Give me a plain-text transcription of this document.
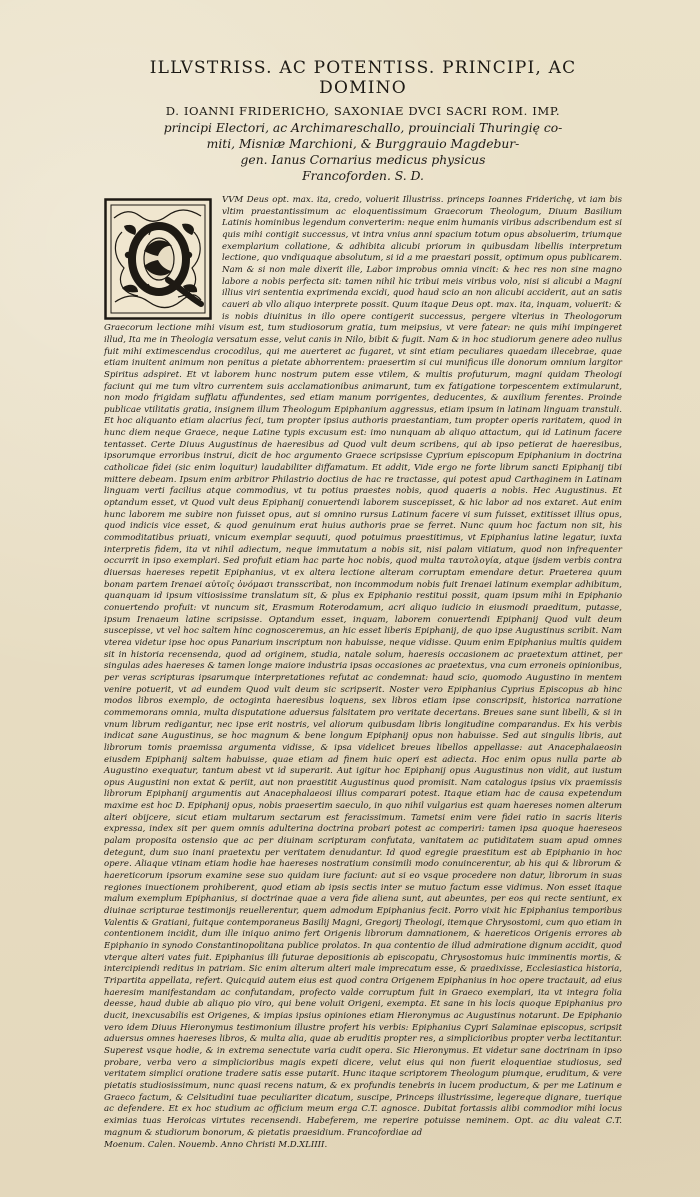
ILLVSTRISS. AC POTENTISS. PRINCIPI, AC DOMINO
D. IOANNI FRIDERICHO, SAXONIAE DVCI SACRI ROM. IMP.
principi Electori, ac Archimareschallo, prouinciali Thuringię co-
miti, Misniæ Marchioni, & Burggrauio Magdebur-
gen. Ianus Cornarius medicus physicus
Francoforden. S. D.

VVM Deus opt. max. ita, credo, voluerit Illustriss. princeps Ioannes Friderichę, vt iam bis vltim praestantissimum ac eloquentissimum Graecorum Theologum, Diuum Basilium Latinis hominibus legendum converterim: neque enim humanis viribus adscribendum est si quis mihi contigit successus, vt intra vnius anni spacium totum opus absoluerim, triumque exemplarium collatione, & adhibita alicubi priorum in quibusdam libellis interpretum lectione, quo vndiquaque absolutum, si id a me praestari possit, optimum opus publicarem. Nam & si non male dixerit ille, Labor improbus omnia vincit: & hec res non sine magno labore a nobis perfecta sit: tamen nihil hic tribui meis viribus volo, nisi si alicubi a Magni illius viri sententia exprimenda excidi, quod haud scio an non alicubi acciderit, aut an satis caueri ab vllo aliquo interprete possit. Quum itaque Deus opt. max. ita, inquam, voluerit: & is nobis diuinitus in illo opere contigerit successus, pergere vlterius in Theologorum Graecorum lectione mihi visum est, tum studiosorum gratia, tum meipsius, vt vere fatear: ne quis mihi impingeret illud, Ita me in Theologia versatum esse, velut canis in Nilo, bibit & fugit. Nam & in hoc studiorum genere adeo nullus fuit mihi extimescendus crocodilus, qui me auerteret ac fugaret, vt sint etiam peculiares quaedam illecebrae, quae etiam inuitent animum non penitus a pietate abhorrentem: praesertim si cui munificus ille donorum omnium largitor Spiritus adspiret. Et vt laborem hunc nostrum putem esse vtilem, & multis profuturum, magni quidam Theologi faciunt qui me tum vltro currentem suis acclamationibus animarunt, tum ex fatigatione torpescentem extimularunt, non modo frigidam sufflatu affundentes, sed etiam manum porrigentes, deducentes, & auxilium ferentes. Proinde publicae vtilitatis gratia, insignem illum Theologum Epiphanium aggressus, etiam ipsum in latinam linguam transtuli. Et hoc aliquanto etiam alacrius feci, tum propter ipsius authoris praestantiam, tum propter operis raritatem, quod in hunc diem neque Graece, neque Latine typis excusum est: imo nunquam ab aliquo attactum, qui id Latinum facere tentasset. Certe Diuus Augustinus de haeresibus ad Quod vult deum scribens, qui ab ipso petierat de haeresibus, ipsorumque erroribus instrui, dicit de hoc argumento Graece scripsisse Cyprium episcopum Epiphanium in doctrina catholicae fidei (sic enim loquitur) laudabiliter diffamatum. Et addit, Vide ergo ne forte librum sancti Epiphanij tibi mittere debeam. Ipsum enim arbitror Philastrio doctius de hac re tractasse, qui potest apud Carthaginem in Latinam linguam verti facilius atque commodius, vt tu potius praestes nobis, quod quaeris a nobis. Hec Augustinus. Et optandum esset, vt Quod vult deus Epiphanij conuertendi laborem suscepisset, & hic labor ad nos extaret. Aut enim hunc laborem me subire non fuisset opus, aut si omnino rursus Latinum facere vi sum fuisset, extitisset illius opus, quod indicis vice esset, & quod genuinum erat huius authoris prae se ferret. Nunc quum hoc factum non sit, his commoditatibus priuati, vnicum exemplar sequuti, quod potuimus praestitimus, vt Epiphanius latine legatur, iuxta interpretis fidem, ita vt nihil adiectum, neque immutatum a nobis sit, nisi palam vitiatum, quod non infrequenter occurrit in ipso exemplari. Sed profuit etiam hac parte hoc nobis, quod multa ταυτολογία, atque ijsdem verbis contra diuersas haereses repetit Epiphanius, vt ex altera lectione alteram corruptam emendare detur. Praeterea quum bonam partem Irenaei αὐτοῖς ὀνόμασι transscribat, non incommodum nobis fuit Irenaei latinum exemplar adhibitum, quanquam id ipsum vitiosissime translatum sit, & plus ex Epiphanio restitui possit, quam ipsum mihi in Epiphanio conuertendo profuit: vt nuncum sit, Erasmum Roterodamum, acri aliquo iudicio in eiusmodi praeditum, putasse, ipsum Irenaeum latine scripsisse. Optandum esset, inquam, laborem conuertendi Epiphanij Quod vult deum suscepisse, vt vel hoc saltem hinc cognosceremus, an hic esset liberis Epiphanij, de quo ipse Augustinus scribit. Nam vterea videtur ipse hoc opus Panarium inscriptum non habuisse, neque vidisse. Quum enim Epiphanius multis quidem sit in historia recensenda, quod ad originem, studia, natale solum, haeresis occasionem ac praetextum attinet, per singulas ades haereses & tamen longe maiore industria ipsas occasiones ac praetextus, vna cum erroneis opinionibus, per veras scripturas ipsarumque interpretationes refutat ac condemnat: haud scio, quomodo Augustino in mentem venire potuerit, vt ad eundem Quod vult deum sic scripserit. Noster vero Epiphanius Cyprius Episcopus ab hinc modos libros exemplo, de octoginta haeresibus loquens, sex libros etiam ipse conscripsit, historica narratione commemorans omnia, multa disputatione aduersus falsitatem pro veritate decertans. Breues sane sunt libelli, & si in vnum librum redigantur, nec ipse erit nostris, vel aliorum quibusdam libris longitudine comparandus. Ex his verbis indicat sane Augustinus, se hoc magnum & bene longum Epiphanij opus non habuisse. Sed aut singulis libris, aut librorum tomis praemissa argumenta vidisse, & ipsa videlicet breues libellos appellasse: aut Anacephalaeosin eiusdem Epiphanij saltem habuisse, quae etiam ad finem huic operi est adiecta. Hoc enim opus nulla parte ab Augustino exequatur, tantum abest vt id superarit. Aut igitur hoc Epiphanij opus Augustinus non vidit, aut iustum opus Augustini non extat & periit, aut non praestitit Augustinus quod promisit. Nam catalogus ipsius vix praemissis librorum Epiphanij argumentis aut Anacephalaeosi illius comparari potest. Itaque etiam hac de causa expetendum maxime est hoc D. Epiphanij opus, nobis praesertim saeculo, in quo nihil vulgarius est quam haereses nomen alterum alteri obijcere, sicut etiam multarum sectarum est feracissimum. Tametsi enim vere fidei ratio in sacris literis expressa, index sit per quem omnis adulterina doctrina probari potest ac comperiri: tamen ipsa quoque haereseos palam proposita ostensio que ac per diuinam scripturam confutata, vanitatem ac putiditatem suam apud omnes detegunt, dum suo inani praetextu per veritatem denudantur. Id quod egregie praestitum est ab Epiphanio in hoc opere. Aliaque vtinam etiam hodie hae haereses nostratium consimili modo conuincerentur, ab his qui & librorum & haereticorum ipsorum examine sese suo quidam iure faciunt: aut si eo vsque procedere non datur, librorum in suas regiones inuectionem prohiberent, quod etiam ab ipsis sectis inter se mutuo factum esse vidimus. Non esset itaque malum exemplum Epiphanius, si doctrinae quae a vera fide aliena sunt, aut abeuntes, per eos qui recte sentiunt, ex diuinae scripturae testimonijs reuellerentur, quem admodum Epiphanius fecit. Porro vixit hic Epiphanius temporibus Valentis & Gratiani, fuitque contemporaneus Basilij Magni, Gregorij Theologi, itemque Chrysostomi, cum quo etiam in contentionem incidit, dum ille iniquo animo fert Origenis librorum damnationem, & haereticos Origenis errores ab Epiphanio in synodo Constantinopolitana publice prolatos. In qua contentio de illud admiratione dignum accidit, quod vterque alteri vates fuit. Epiphanius illi futurae depositionis ab episcopatu, Chrysostomus huic imminentis mortis, & intercipiendi reditus in patriam. Sic enim alterum alteri male imprecatum esse, & praedixisse, Ecclesiastica historia, Tripartita appellata, refert. Quicquid autem eius est quod contra Origenem Epiphanius in hoc opere tractauit, ad eius haeresim manifestandam ac confutandam, profecto valde corruptum fuit in Graeco exemplari, ita vt integra folia deesse, haud dubie ab aliquo pio viro, qui bene voluit Origeni, exempta. Et sane in his locis quoque Epiphanius pro ducit, inexcusabilis est Origenes, & impias ipsius opiniones etiam Hieronymus ac Augustinus notarunt. De Epiphanio vero idem Diuus Hieronymus testimonium illustre profert his verbis: Epiphanius Cypri Salaminae episcopus, scripsit aduersus omnes haereses libros, & multa alia, quae ab eruditis propter res, a simplicioribus propter verba lectitantur. Superest vsque hodie, & in extrema senectute varia cudit opera. Sic Hieronymus. Et videtur sane doctrinam in ipso probare, verba vero a simplicioribus magis expeti dicere, velut eius qui non fuerit eloquentiae studiosus, sed veritatem simplici oratione tradere satis esse putarit. Hunc itaque scriptorem Theologum piumque, eruditum, & vere pietatis studiosissimum, nunc quasi recens natum, & ex profundis tenebris in lucem productum, & per me Latinum e Graeco factum, & Celsitudini tuae peculiariter dicatum, suscipe, Princeps illustrissime, legereque dignare, tuerique ac defendere. Et ex hoc studium ac officium meum erga C.T. agnosce. Dubitat fortassis alibi commodior mihi locus eximias tuas Heroicas virtutes recensendi. Habeferem, me reperire potuisse neminem. Opt. ac diu valeat C.T. magnum & studiorum bonorum, & pietatis praesidium. Francofordiae ad

Moenum. Calen. Nouemb. Anno Christi M.D.XLIIII.
